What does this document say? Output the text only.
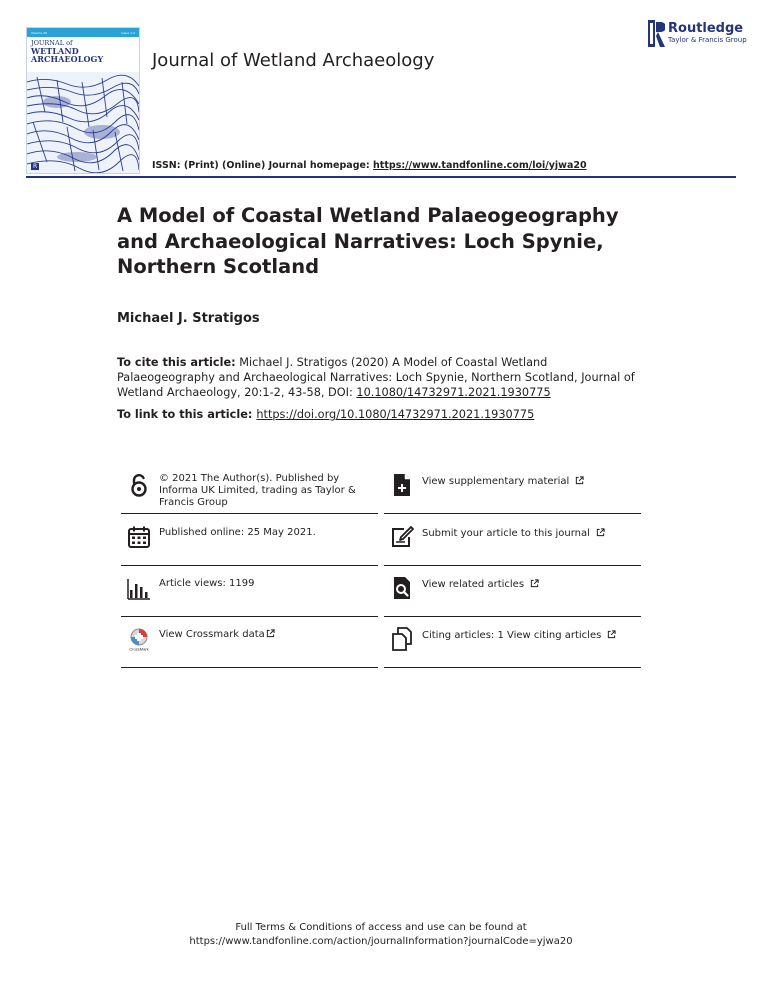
Volume 20	Issue 1-2
JOURNAL of
WETLAND ARCHAEOLOGY
R
Journal of Wetland Archaeology
Routledge
Taylor & Francis Group
ISSN: (Print) (Online) Journal homepage: https://www.tandfonline.com/loi/yjwa20
A Model of Coastal Wetland Palaeogeography and Archaeological Narratives: Loch Spynie, Northern Scotland
Michael J. Stratigos
To cite this article: Michael J. Stratigos (2020) A Model of Coastal Wetland Palaeogeography and Archaeological Narratives: Loch Spynie, Northern Scotland, Journal of Wetland Archaeology, 20:1-2, 43-58, DOI: 10.1080/14732971.2021.1930775
To link to this article: https://doi.org/10.1080/14732971.2021.1930775
© 2021 The Author(s). Published by Informa UK Limited, trading as Taylor & Francis Group
Published online: 25 May 2021.
Article views: 1199
CrossMark
View Crossmark data
View supplementary material
Submit your article to this journal
View related articles
Citing articles: 1 View citing articles
Full Terms & Conditions of access and use can be found at
https://www.tandfonline.com/action/journalInformation?journalCode=yjwa20
